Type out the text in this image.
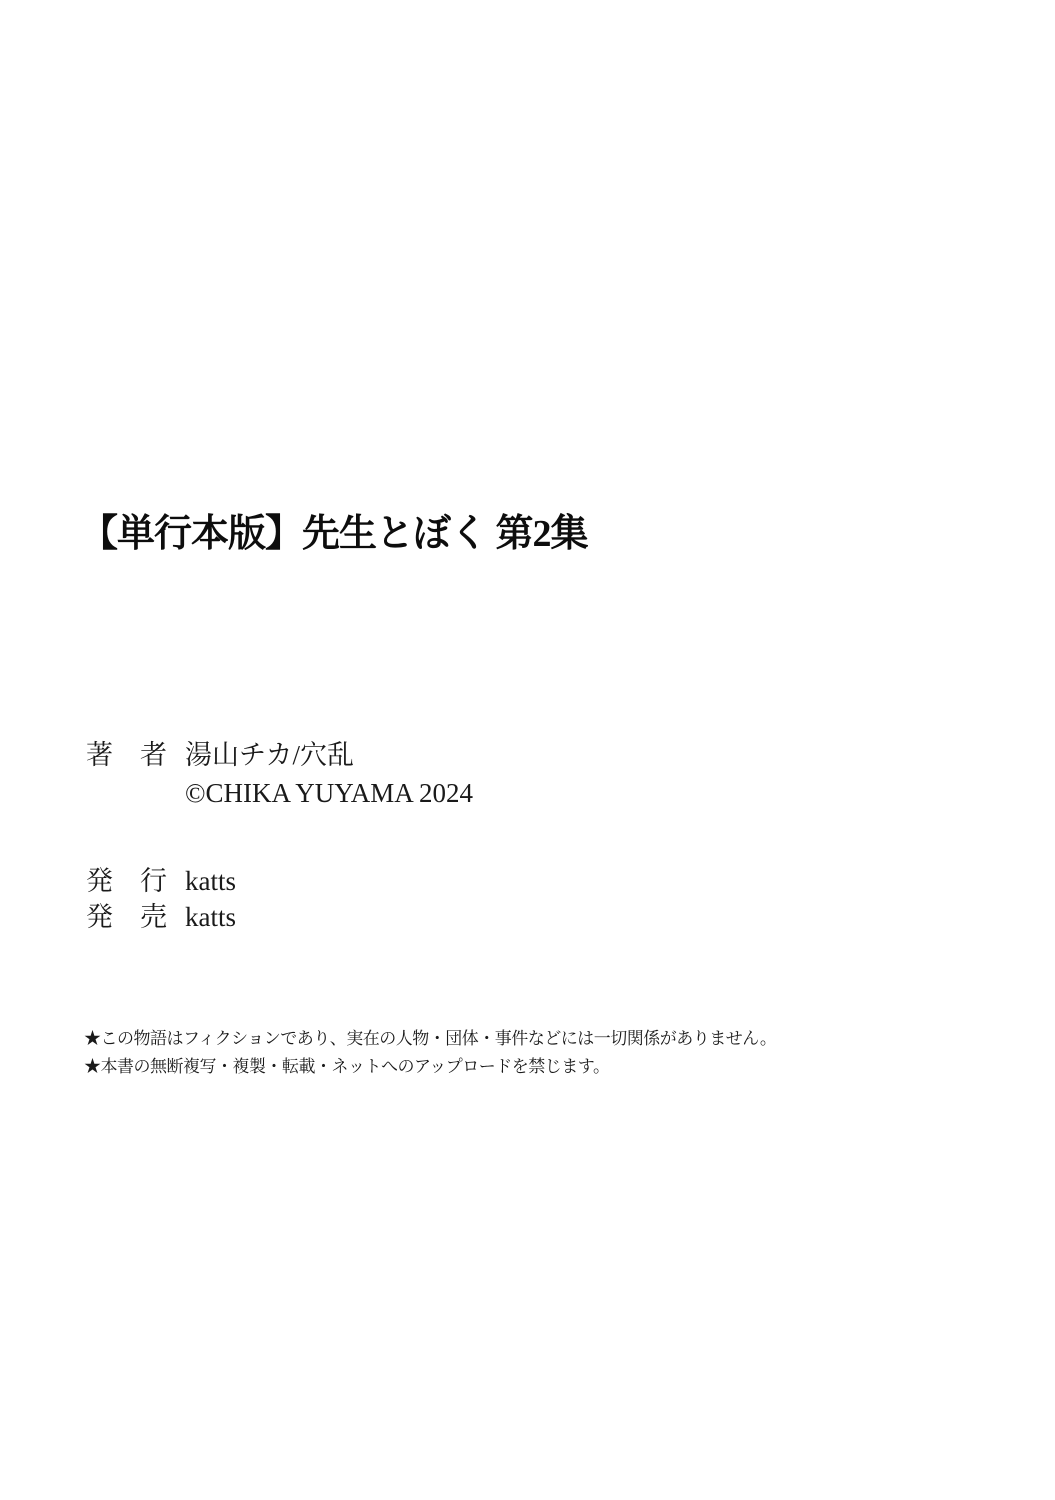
【単行本版】先生とぼく 第2集
著　者 湯山チカ/穴乱
©CHIKA YUYAMA 2024
発　行 katts
発　売 katts
★この物語はフィクションであり、実在の人物・団体・事件などには一切関係がありません。
★本書の無断複写・複製・転載・ネットへのアップロードを禁じます。
